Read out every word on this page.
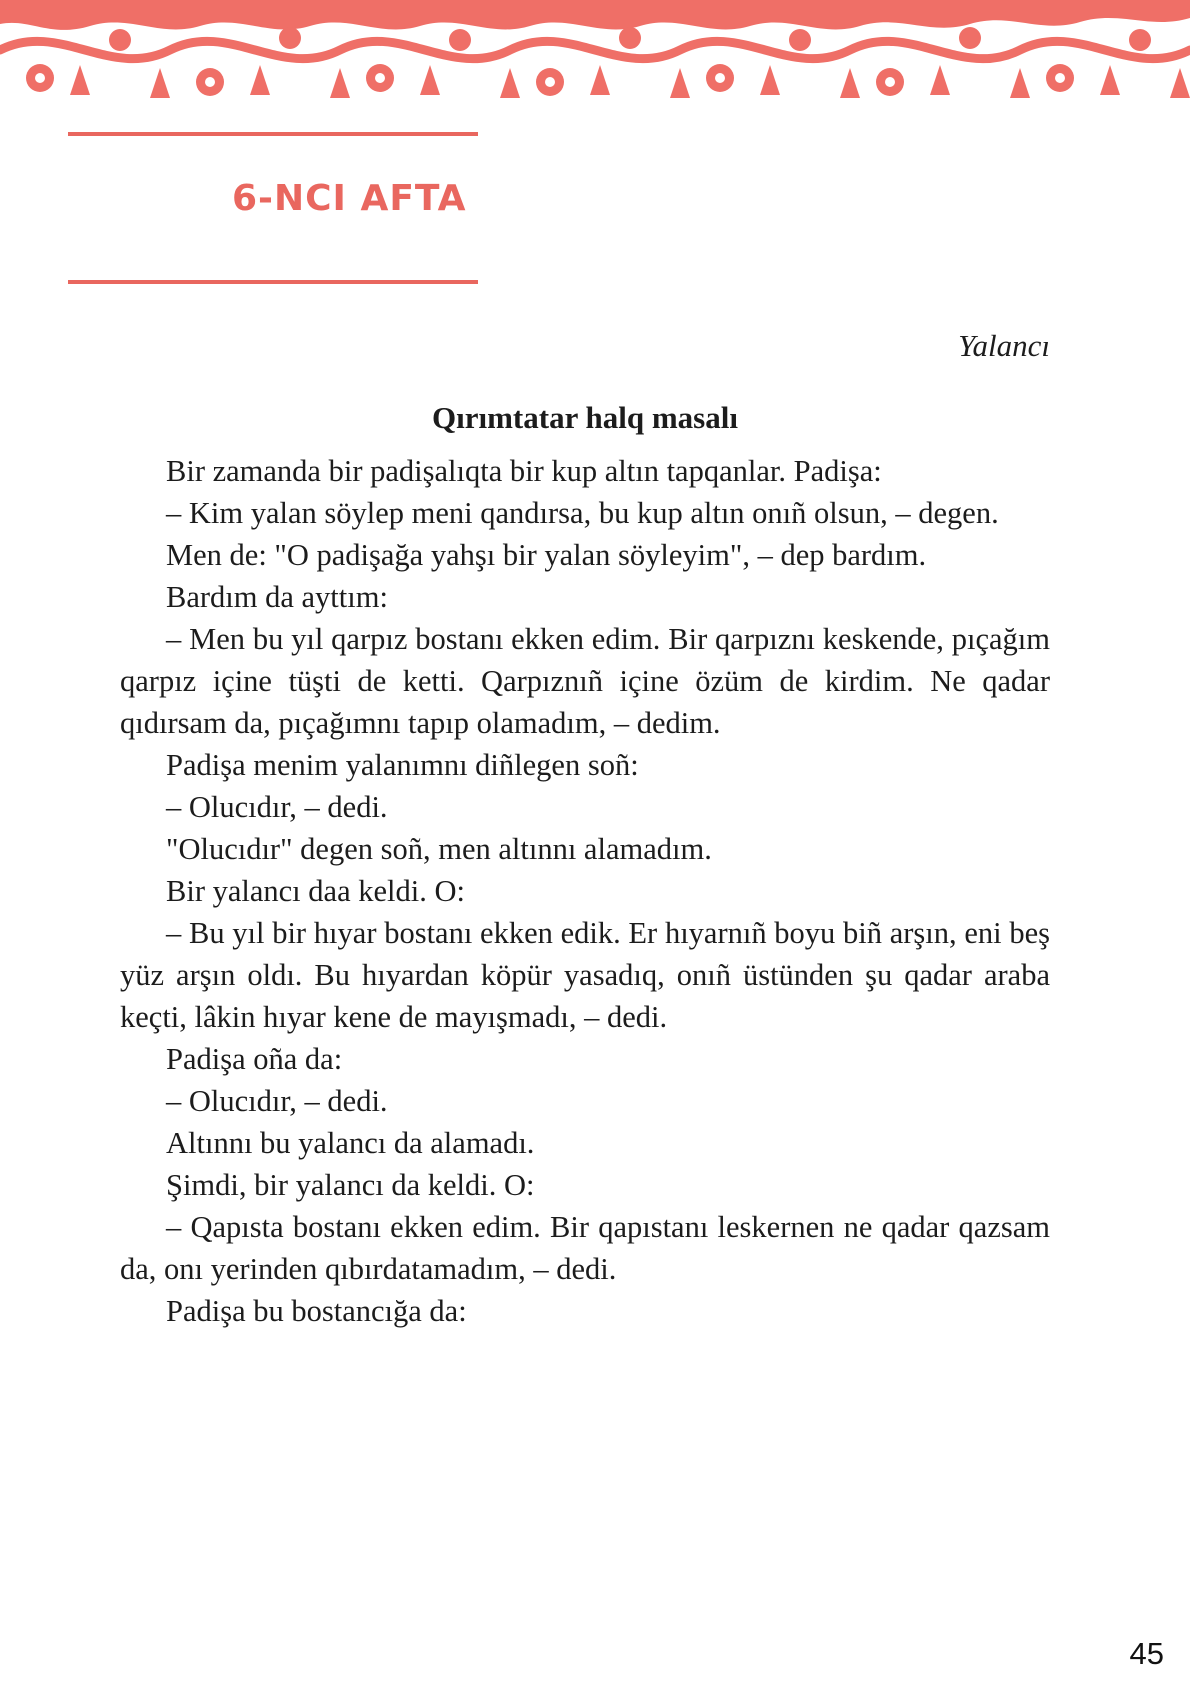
6-NCI AFTA
Yalancı
Qırımtatar halq masalı

Bir zamanda bir padişalıqta bir kup altın tapqanlar. Padişa:

– Kim yalan söylep meni qandırsa, bu kup altın onıñ olsun, – degen.

Men de: "O padişağa yahşı bir yalan söyleyim", – dep bardım.

Bardım da ayttım:

– Men bu yıl qarpız bostanı ekken edim. Bir qarpıznı keskende, pıçağım qarpız içine tüşti de ketti. Qarpıznıñ içine özüm de kirdim. Ne qadar qıdırsam da, pıçağımnı tapıp olamadım, – dedim.

Padişa menim yalanımnı diñlegen soñ:

– Olucıdır, – dedi.

"Olucıdır" degen soñ, men altınnı alamadım.

Bir yalancı daa keldi. O:

– Bu yıl bir hıyar bostanı ekken edik. Er hıyarnıñ boyu biñ arşın, eni beş yüz arşın oldı. Bu hıyardan köpür yasadıq, onıñ üstünden şu qadar araba keçti, lâkin hıyar kene de mayışmadı, – dedi.

Padişa oña da:

– Olucıdır, – dedi.

Altınnı bu yalancı da alamadı.

Şimdi, bir yalancı da keldi. O:

– Qapısta bostanı ekken edim. Bir qapıstanı leskernen ne qadar qazsam da, onı yerinden qıbırdatamadım, – dedi.

Padişa bu bostancığa da:

45
